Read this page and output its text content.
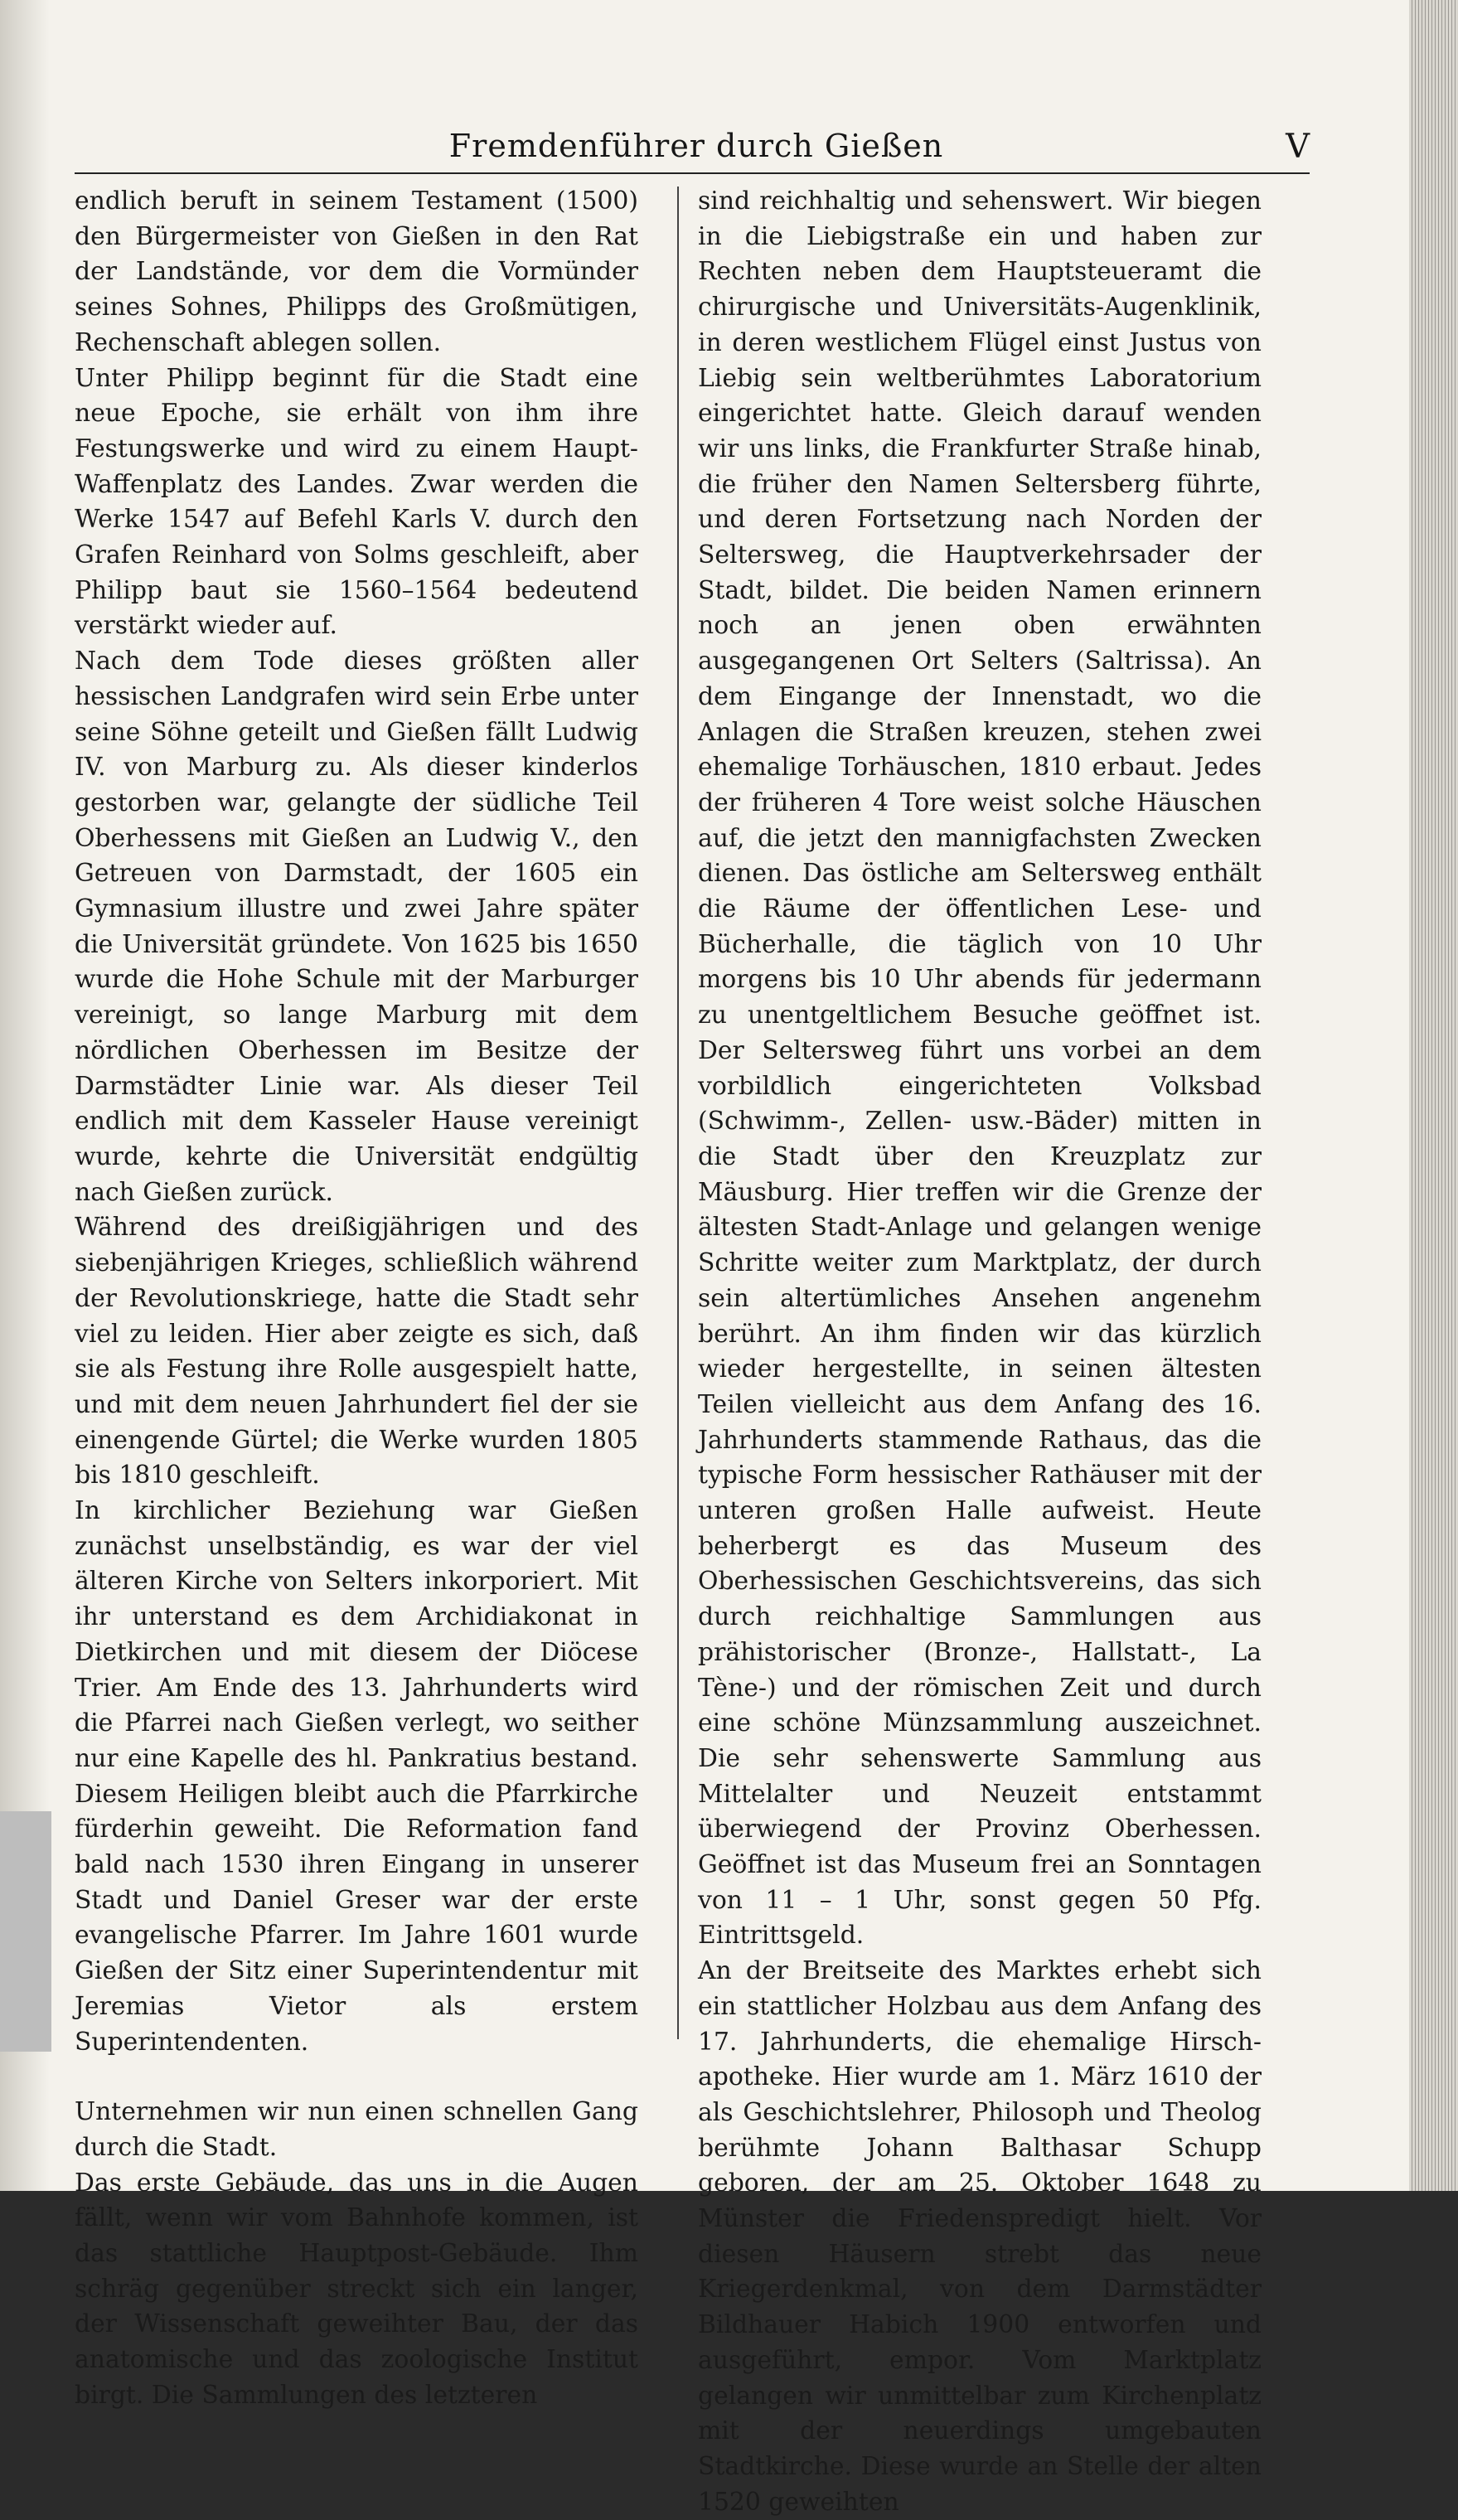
Fremdenführer durch Gießen	V

endlich beruft in seinem Testament (1500) den Bürgermeister von Gießen in den Rat der Landstände, vor dem die Vormünder seines Sohnes, Philipps des Großmütigen, Rechenschaft ablegen sollen.

Unter Philipp beginnt für die Stadt eine neue Epoche, sie erhält von ihm ihre Festungswerke und wird zu einem Haupt-Waffenplatz des Landes. Zwar werden die Werke 1547 auf Befehl Karls V. durch den Grafen Reinhard von Solms geschleift, aber Philipp baut sie 1560–1564 bedeutend verstärkt wieder auf.

Nach dem Tode dieses größten aller hessischen Landgrafen wird sein Erbe unter seine Söhne geteilt und Gießen fällt Ludwig IV. von Marburg zu. Als dieser kinderlos gestorben war, gelangte der südliche Teil Oberhessens mit Gießen an Ludwig V., den Getreuen von Darmstadt, der 1605 ein Gymnasium illustre und zwei Jahre später die Universität gründete. Von 1625 bis 1650 wurde die Hohe Schule mit der Marburger vereinigt, so lange Marburg mit dem nördlichen Oberhessen im Besitze der Darmstädter Linie war. Als dieser Teil endlich mit dem Kasseler Hause vereinigt wurde, kehrte die Universität endgültig nach Gießen zurück.

Während des dreißigjährigen und des siebenjährigen Krieges, schließlich während der Revolutionskriege, hatte die Stadt sehr viel zu leiden. Hier aber zeigte es sich, daß sie als Festung ihre Rolle ausgespielt hatte, und mit dem neuen Jahrhundert fiel der sie einengende Gürtel; die Werke wurden 1805 bis 1810 geschleift.

In kirchlicher Beziehung war Gießen zunächst unselbständig, es war der viel älteren Kirche von Selters inkorporiert. Mit ihr unterstand es dem Archidiakonat in Dietkirchen und mit diesem der Diöcese Trier. Am Ende des 13. Jahrhunderts wird die Pfarrei nach Gießen verlegt, wo seither nur eine Kapelle des hl. Pankratius bestand. Diesem Heiligen bleibt auch die Pfarrkirche fürderhin geweiht. Die Reformation fand bald nach 1530 ihren Eingang in unserer Stadt und Daniel Greser war der erste evangelische Pfarrer. Im Jahre 1601 wurde Gießen der Sitz einer Superintendentur mit Jeremias Vietor als erstem Superintendenten.

Unternehmen wir nun einen schnellen Gang durch die Stadt.

Das erste Gebäude, das uns in die Augen fällt, wenn wir vom Bahnhofe kommen, ist das stattliche Hauptpost-Gebäude. Ihm schräg gegenüber streckt sich ein langer, der Wissenschaft geweihter Bau, der das anatomische und das zoologische Institut birgt. Die Sammlungen des letzteren

sind reichhaltig und sehenswert. Wir biegen in die Liebigstraße ein und haben zur Rechten neben dem Hauptsteueramt die chirurgische und Universitäts-Augenklinik, in deren westlichem Flügel einst Justus von Liebig sein weltberühmtes Laboratorium eingerichtet hatte. Gleich darauf wenden wir uns links, die Frankfurter Straße hinab, die früher den Namen Seltersberg führte, und deren Fortsetzung nach Norden der Seltersweg, die Hauptverkehrsader der Stadt, bildet. Die beiden Namen erinnern noch an jenen oben erwähnten ausgegangenen Ort Selters (Saltrissa). An dem Eingange der Innenstadt, wo die Anlagen die Straßen kreuzen, stehen zwei ehemalige Torhäuschen, 1810 erbaut. Jedes der früheren 4 Tore weist solche Häuschen auf, die jetzt den mannigfachsten Zwecken dienen. Das östliche am Seltersweg enthält die Räume der öffentlichen Lese- und Bücherhalle, die täglich von 10 Uhr morgens bis 10 Uhr abends für jedermann zu unentgeltlichem Besuche geöffnet ist. Der Seltersweg führt uns vorbei an dem vorbildlich eingerichteten Volksbad (Schwimm-, Zellen- usw.-Bäder) mitten in die Stadt über den Kreuzplatz zur Mäusburg. Hier treffen wir die Grenze der ältesten Stadt-Anlage und gelangen wenige Schritte weiter zum Marktplatz, der durch sein altertümliches Ansehen angenehm berührt. An ihm finden wir das kürzlich wieder hergestellte, in seinen ältesten Teilen vielleicht aus dem Anfang des 16. Jahrhunderts stammende Rathaus, das die typische Form hessischer Rathäuser mit der unteren großen Halle aufweist. Heute beherbergt es das Museum des Oberhessischen Geschichtsvereins, das sich durch reichhaltige Sammlungen aus prähistorischer (Bronze-, Hallstatt-, La Tène-) und der römischen Zeit und durch eine schöne Münzsammlung auszeichnet. Die sehr sehenswerte Sammlung aus Mittelalter und Neuzeit entstammt überwiegend der Provinz Oberhessen. Geöffnet ist das Museum frei an Sonntagen von 11 – 1 Uhr, sonst gegen 50 Pfg. Eintrittsgeld.

An der Breitseite des Marktes erhebt sich ein stattlicher Holzbau aus dem Anfang des 17. Jahrhunderts, die ehemalige Hirsch-apotheke. Hier wurde am 1. März 1610 der als Geschichtslehrer, Philosoph und Theolog berühmte Johann Balthasar Schupp geboren, der am 25. Oktober 1648 zu Münster die Friedenspredigt hielt. Vor diesen Häusern strebt das neue Kriegerdenkmal, von dem Darmstädter Bildhauer Habich 1900 entworfen und ausgeführt, empor. Vom Marktplatz gelangen wir unmittelbar zum Kirchenplatz mit der neuerdings umgebauten Stadtkirche. Diese wurde an Stelle der alten 1520 geweihten
